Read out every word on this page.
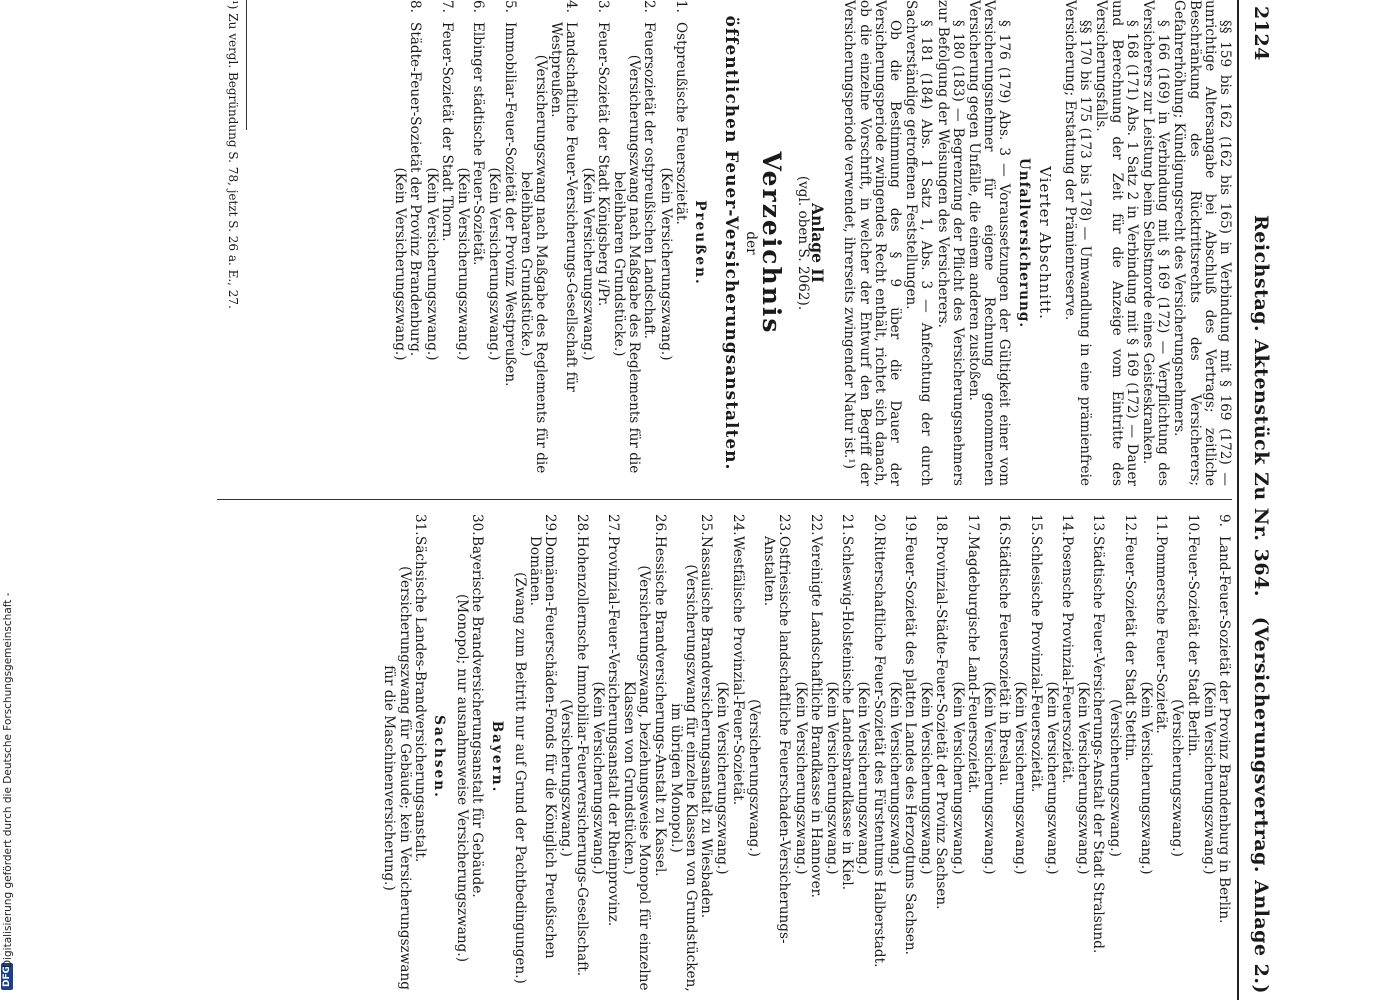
2124
Reichstag. Aktenstück Zu Nr. 364.
(Versicherungsvertrag. Anlage 2.)

§§ 159 bis 162 (162 bis 165) in Verbindung mit § 169 (172) — unrichtige Altersangabe bei Abschluß des Vertrags; zeitliche Beschränkung des Rücktrittsrechts des Versicherers; Gefahrerhöhung; Kündigungsrecht des Versicherungsnehmers.

§ 166 (169) in Verbindung mit § 169 (172) — Verpflichtung des Versicherers zur Leistung beim Selbstmorde eines Geisteskranken.

§ 168 (171) Abs. 1 Satz 2 in Verbindung mit § 169 (172) — Dauer und Berechnung der Zeit für die Anzeige vom Eintritte des Versicherungsfalls.

§§ 170 bis 175 (173 bis 178) — Umwandlung in eine prämienfreie Versicherung; Erstattung der Prämienreserve.

Vierter Abschnitt.
Unfallversicherung.

§ 176 (179) Abs. 3 — Voraussetzungen der Gültigkeit einer vom Versicherungsnehmer für eigene Rechnung genommenen Versicherung gegen Unfälle, die einem anderen zustoßen.

§ 180 (183) — Begrenzung der Pflicht des Versicherungsnehmers zur Befolgung der Weisungen des Versicherers.

§ 181 (184) Abs. 1 Satz 1, Abs. 3 — Anfechtung der durch Sachverständige getroffenen Feststellungen.

Ob die Bestimmung des § 9 über die Dauer der Versicherungsperiode zwingendes Recht enthält, richtet sich danach, ob die einzelne Vorschrift, in welcher der Entwurf den Begriff der Versicherungsperiode verwendet, ihrerseits zwingender Natur ist.¹)

Anlage II
(vgl. oben S. 2062).
Verzeichnis
der
öffentlichen Feuer-Versicherungsanstalten.
Preußen.
1.
Ostpreußische Feuersozietät.
(Kein Versicherungszwang.)
2.
Feuersozietät der ostpreußischen Landschaft.
(Versicherungszwang nach Maßgabe des Reglements für die beleihbaren Grundstücke.)
3.
Feuer-Sozietät der Stadt Königsberg i/Pr.
(Kein Versicherungszwang.)
4.
Landschaftliche Feuer-Versicherungs-Gesellschaft für Westpreußen.
(Versicherungszwang nach Maßgabe des Reglements für die beleihbaren Grundstücke.)
5.
Immobiliar-Feuer-Sozietät der Provinz Westpreußen.
(Kein Versicherungszwang.)
6.
Elbinger städtische Feuer-Sozietät.
(Kein Versicherungszwang.)
7.
Feuer-Sozietät der Stadt Thorn.
(Kein Versicherungszwang.)
8.
Städte-Feuer-Sozietät der Provinz Brandenburg.
(Kein Versicherungszwang.)
9.
Land-Feuer-Sozietät der Provinz Brandenburg in Berlin.
(Kein Versicherungszwang.)
10.
Feuer-Sozietät der Stadt Berlin.
(Versicherungszwang.)
11.
Pommersche Feuer-Sozietät.
(Kein Versicherungszwang.)
12.
Feuer-Sozietät der Stadt Stettin.
(Versicherungszwang.)
13.
Städtische Feuer-Versicherungs-Anstalt der Stadt Stralsund.
(Kein Versicherungszwang.)
14.
Posensche Provinzial-Feuersozietät.
(Kein Versicherungszwang.)
15.
Schlesische Provinzial-Feuersozietät.
(Kein Versicherungszwang.)
16.
Städtische Feuersozietät in Breslau.
(Kein Versicherungszwang.)
17.
Magdeburgische Land-Feuersozietät.
(Kein Versicherungszwang.)
18.
Provinzial-Städte-Feuer-Sozietät der Provinz Sachsen.
(Kein Versicherungszwang.)
19.
Feuer-Sozietät des platten Landes des Herzogtums Sachsen.
(Kein Versicherungszwang.)
20.
Ritterschaftliche Feuer-Sozietät des Fürstentums Halberstadt.
(Kein Versicherungszwang.)
21.
Schleswig-Holsteinische Landesbrandkasse in Kiel.
(Kein Versicherungszwang.)
22.
Vereinigte Landschaftliche Brandkasse in Hannover.
(Kein Versicherungszwang.)
23.
Ostfriesische landschaftliche Feuerschaden-Versicherungs-Anstalten.
(Versicherungszwang.)
24.
Westfälische Provinzial-Feuer-Sozietät.
(Kein Versicherungszwang.)
25.
Nassauische Brandversicherungsanstalt zu Wiesbaden.
(Versicherungszwang für einzelne Klassen von Grundstücken, im übrigen Monopol.)
26.
Hessische Brandversicherungs-Anstalt zu Kassel.
(Versicherungszwang, beziehungsweise Monopol für einzelne Klassen von Grundstücken.)
27.
Provinzial-Feuer-Versicherungsanstalt der Rheinprovinz.
(Kein Versicherungszwang.)
28.
Hohenzollernsche Immobiliar-Feuerversicherungs-Gesellschaft.
(Versicherungszwang.)
29.
Domänen-Feuerschäden-Fonds für die Königlich Preußischen Domänen.
(Zwang zum Beitritt nur auf Grund der Pachtbedingungen.)
Bayern.
30.
Bayerische Brandversicherungsanstalt für Gebäude.
(Monopol; nur ausnahmsweise Versicherungszwang.)
Sachsen.
31.
Sächsische Landes-Brandversicherungsanstalt.
(Versicherungszwang für Gebäude; kein Versicherungszwang für die Maschinenversicherung.)
¹) Zu vergl. Begründung S. 78, jetzt S. 26 a. E., 27.
DFG
Digitalisierung gefördert durch die Deutsche Forschungsgemeinschaft -
